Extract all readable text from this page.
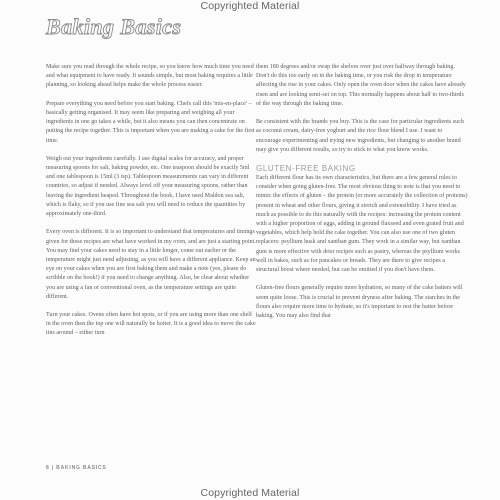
Copyrighted Material
Baking Basics

Make sure you read through the whole recipe, so you know how much time you need and what equipment to have ready. It sounds simple, but most baking requires a little planning, so looking ahead helps make the whole process easier.

Prepare everything you need before you start baking. Chefs call this 'mis-en-place' – basically getting organised. It may seem like preparing and weighing all your ingredients in one go takes a while, but it also means you can then concentrate on putting the recipe together. This is important when you are making a cake for the first time.

Weigh out your ingredients carefully. I use digital scales for accuracy, and proper measuring spoons for salt, baking powder, etc. One teaspoon should be exactly 5ml and one tablespoon is 15ml (3 tsp). Tablespoon measurements can vary in different countries, so adjust if needed. Always level off your measuring spoons, rather than leaving the ingredient heaped. Throughout the book, I have used Maldon sea salt, which is flaky, so if you use fine sea salt you will need to reduce the quantities by approximately one-third.

Every oven is different. It is so important to understand that temperatures and timings given for these recipes are what have worked in my oven, and are just a starting point. You may find your cakes need to stay in a little longer, come out earlier or the temperature might just need adjusting, as you will have a different appliance. Keep an eye on your cakes when you are first baking them and make a note (yes, please do scribble on the book!) if you need to change anything. Also, be clear about whether you are using a fan or conventional oven, as the temperature settings are quite different.

Turn your cakes. Ovens often have hot spots, or if you are using more than one shelf in the oven then the top one will naturally be hotter. It is a good idea to move the cake tins around – either turn

them 180 degrees and/or swap the shelves over just over halfway through baking. Don't do this too early on in the baking time, or you risk the drop in temperature affecting the rise in your cakes. Only open the oven door when the cakes have already risen and are looking semi-set on top. This normally happens about half to two-thirds of the way through the baking time.

Be consistent with the brands you buy. This is the case for particular ingredients such as coconut cream, dairy-free yoghurt and the rice flour blend I use. I want to encourage experimenting and trying new ingredients, but changing to another brand may give you different results, so try to stick to what you know works.

GLUTEN-FREE BAKING

Each different flour has its own characteristics, but there are a few general rules to consider when going gluten-free. The most obvious thing to note is that you need to mimic the effects of gluten – the protein (or more accurately the collection of proteins) present in wheat and other flours, giving it stretch and extensibility. I have tried as much as possible to do this naturally with the recipes: increasing the protein content with a higher proportion of eggs, adding in ground flaxseed and even grated fruit and vegetables, which help hold the cake together. You can also use one of two gluten replacers: psyllium husk and xanthan gum. They work in a similar way, but xanthan gum is more effective with drier recipes such as pastry, whereas the psyllium works well in bakes, such as for pancakes or breads. They are there to give recipes a structural boost where needed, but can be omitted if you don't have them.

Gluten-free flours generally require more hydration, so many of the cake batters will seem quite loose. This is crucial to prevent dryness after baking. The starches in the flours also require more time to hydrate, so it's important to rest the batter before baking. You may also find that

8 | BAKING BASICS
Copyrighted Material
